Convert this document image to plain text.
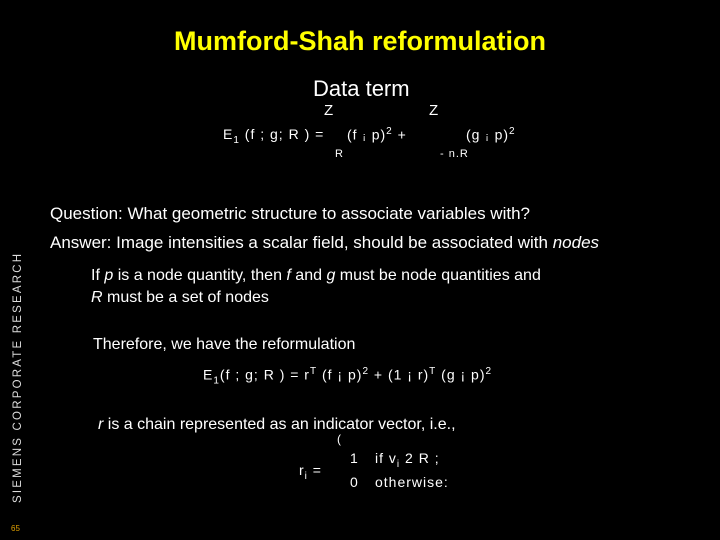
Mumford-Shah reformulation
Data term
Z	Z
$E_1$ (f ; g; R ) = (f ¡ p)$^2$ +	(g ¡ p)$^2$
R	- n.R
Question: What geometric structure to associate variables with?
Answer: Image intensities a scalar field, should be associated with nodes
If p is a node quantity, then f and g must be node quantities and
R must be a set of nodes
Therefore, we have the reformulation
$E_1(f$ ; g; R ) = $r^T$ (f ¡ p)$^2$ + (1 ¡ r)$^T$ (g ¡ p)$^2$
r is a chain represented as an indicator vector, i.e.,
(
$r_i$ =
1 if $v_i$ 2 R ;
0 otherwise:
SIEMENS CORPORATE RESEARCH
65
